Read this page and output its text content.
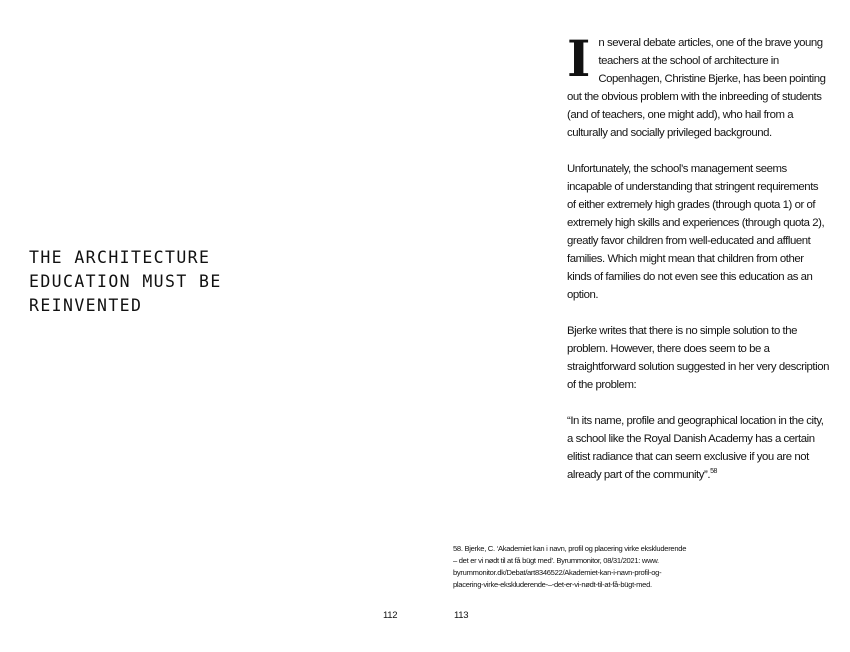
THE ARCHITECTURE
EDUCATION MUST BE
REINVENTED

In several debate articles, one of the brave young teachers at the school of architecture in Copenhagen, Christine Bjerke, has been pointing out the obvious problem with the inbreeding of students (and of teachers, one might add), who hail from a culturally and socially privileged background.

Unfortunately, the school’s management seems incapable of understanding that stringent requirements of either extremely high grades (through quota 1) or of extremely high skills and experiences (through quota 2), greatly favor children from well-educated and affluent families. Which might mean that children from other kinds of families do not even see this education as an option.

Bjerke writes that there is no simple solution to the problem. However, there does seem to be a straightforward solution suggested in her very description of the problem:

“In its name, profile and geographical location in the city, a school like the Royal Danish Academy has a certain elitist radiance that can seem exclusive if you are not already part of the community”.$^{58}$

58. Bjerke, C. ‘Akademiet kan i navn, profil og placering virke ekskluderende
– det er vi nødt til at få bügt med’. Byrummonitor, 08/31/2021: www.
byrummonitor.dk/Debat/art8346522/Akademiet-kan-i-navn-profil-og-
placering-virke-ekskluderende-–-det-er-vi-nødt-til-at-få-bügt-med.
112	113
